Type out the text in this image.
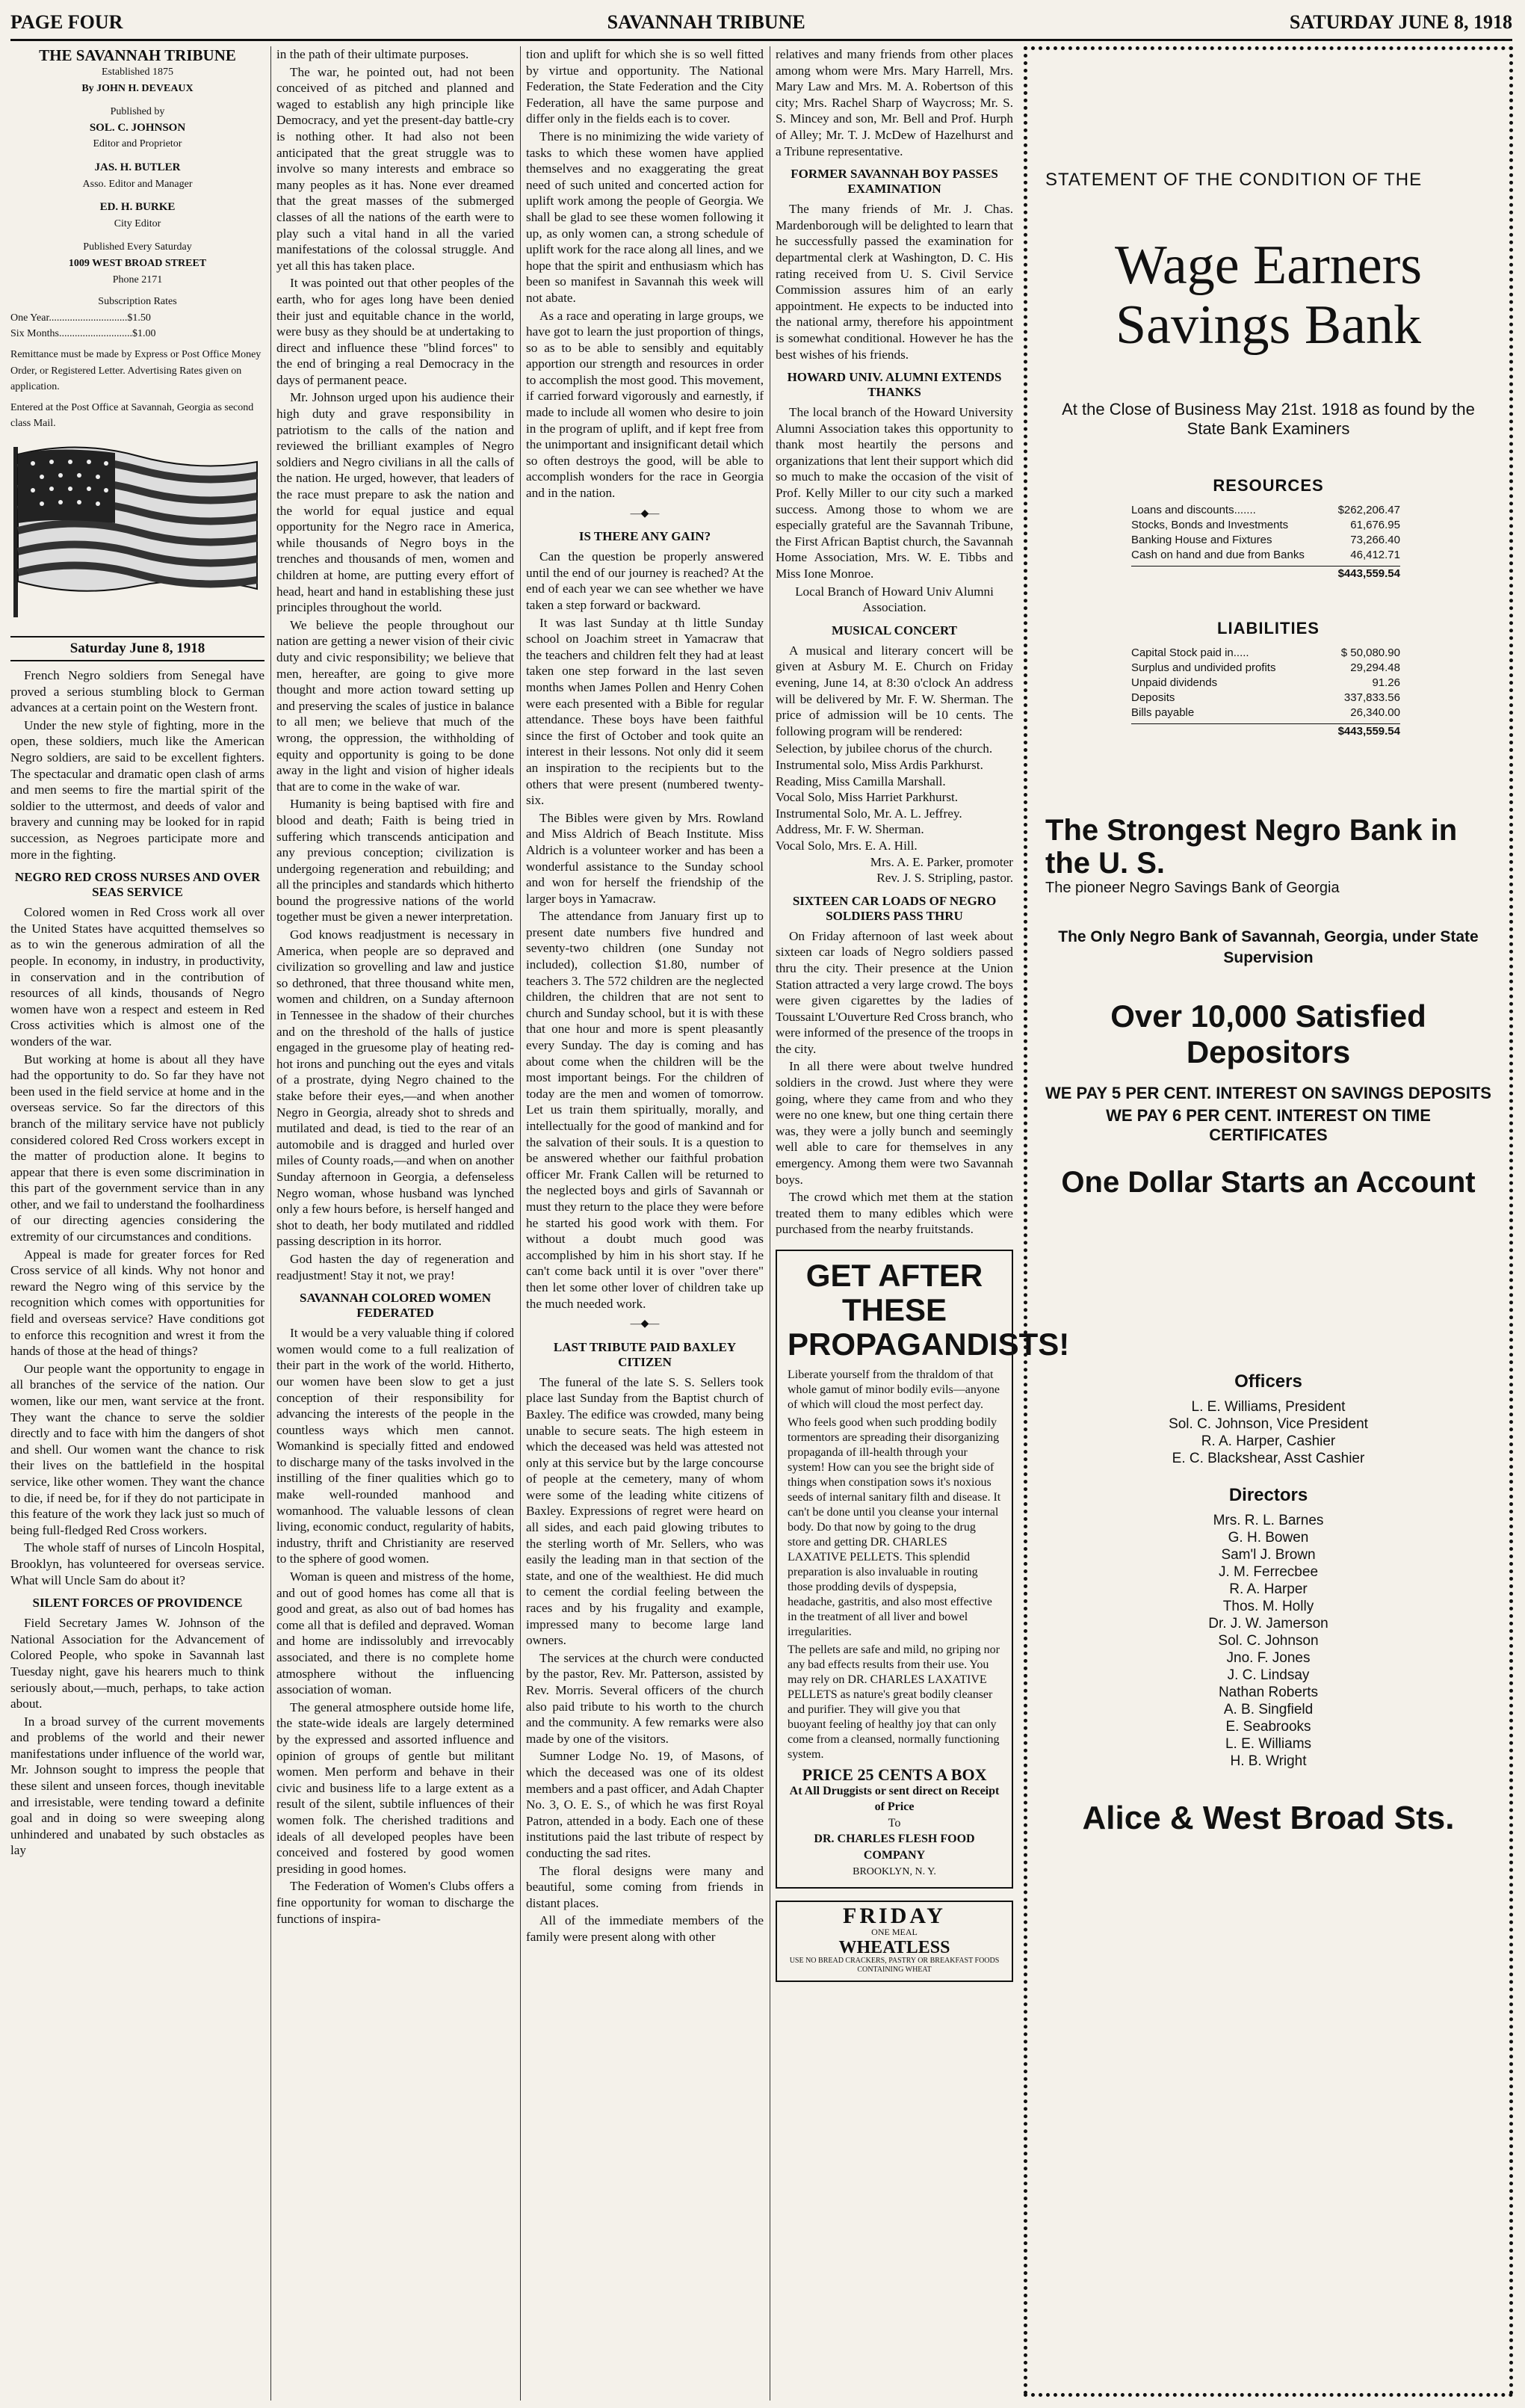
PAGE FOUR	SAVANNAH TRIBUNE	SATURDAY JUNE 8, 1918
THE SAVANNAH TRIBUNE
Established 1875
By JOHN H. DEVEAUX
Published by
SOL. C. JOHNSON
Editor and Proprietor
JAS. H. BUTLER
Asso. Editor and Manager
ED. H. BURKE
City Editor
Published Every Saturday
1009 WEST BROAD STREET
Phone 2171
Subscription Rates
One Year..............................$1.50
Six Months............................$1.00
Remittance must be made by Express or Post Office Money Order, or Registered Letter. Advertising Rates given on application.
Entered at the Post Office at Savannah, Georgia as second class Mail.
Saturday June 8, 1918

French Negro soldiers from Senegal have proved a serious stumbling block to German advances at a certain point on the Western front.

Under the new style of fighting, more in the open, these soldiers, much like the American Negro soldiers, are said to be excellent fighters. The spectacular and dramatic open clash of arms and men seems to fire the martial spirit of the soldier to the uttermost, and deeds of valor and bravery and cunning may be looked for in rapid succession, as Negroes participate more and more in the fighting.

NEGRO RED CROSS NURSES AND OVER SEAS SERVICE

Colored women in Red Cross work all over the United States have acquitted themselves so as to win the generous admiration of all the people. In economy, in industry, in productivity, in conservation and in the contribution of resources of all kinds, thousands of Negro women have won a respect and esteem in Red Cross activities which is almost one of the wonders of the war.

But working at home is about all they have had the opportunity to do. So far they have not been used in the field service at home and in the overseas service. So far the directors of this branch of the military service have not publicly considered colored Red Cross workers except in the matter of production alone. It begins to appear that there is even some discrimination in this part of the government service than in any other, and we fail to understand the foolhardiness of our directing agencies considering the extremity of our circumstances and conditions.

Appeal is made for greater forces for Red Cross service of all kinds. Why not honor and reward the Negro wing of this service by the recognition which comes with opportunities for field and overseas service? Have conditions got to enforce this recognition and wrest it from the hands of those at the head of things?

Our people want the opportunity to engage in all branches of the service of the nation. Our women, like our men, want service at the front. They want the chance to serve the soldier directly and to face with him the dangers of shot and shell. Our women want the chance to risk their lives on the battlefield in the hospital service, like other women. They want the chance to die, if need be, for if they do not participate in this feature of the work they lack just so much of being full-fledged Red Cross workers.

The whole staff of nurses of Lincoln Hospital, Brooklyn, has volunteered for overseas service. What will Uncle Sam do about it?

SILENT FORCES OF PROVIDENCE

Field Secretary James W. Johnson of the National Association for the Advancement of Colored People, who spoke in Savannah last Tuesday night, gave his hearers much to think seriously about,—much, perhaps, to take action about.

In a broad survey of the current movements and problems of the world and their newer manifestations under influence of the world war, Mr. Johnson sought to impress the people that these silent and unseen forces, though inevitable and irresistable, were tending toward a definite goal and in doing so were sweeping along unhindered and unabated by such obstacles as lay

in the path of their ultimate purposes.

The war, he pointed out, had not been conceived of as pitched and planned and waged to establish any high principle like Democracy, and yet the present-day battle-cry is nothing other. It had also not been anticipated that the great struggle was to involve so many interests and embrace so many peoples as it has. None ever dreamed that the great masses of the submerged classes of all the nations of the earth were to play such a vital hand in all the varied manifestations of the colossal struggle. And yet all this has taken place.

It was pointed out that other peoples of the earth, who for ages long have been denied their just and equitable chance in the world, were busy as they should be at undertaking to direct and influence these "blind forces" to the end of bringing a real Democracy in the days of permanent peace.

Mr. Johnson urged upon his audience their high duty and grave responsibility in patriotism to the calls of the nation and reviewed the brilliant examples of Negro soldiers and Negro civilians in all the calls of the nation. He urged, however, that leaders of the race must prepare to ask the nation and the world for equal justice and equal opportunity for the Negro race in America, while thousands of Negro boys in the trenches and thousands of men, women and children at home, are putting every effort of head, heart and hand in establishing these just principles throughout the world.

We believe the people throughout our nation are getting a newer vision of their civic duty and civic responsibility; we believe that men, hereafter, are going to give more thought and more action toward setting up and preserving the scales of justice in balance to all men; we believe that much of the wrong, the oppression, the withholding of equity and opportunity is going to be done away in the light and vision of higher ideals that are to come in the wake of war.

Humanity is being baptised with fire and blood and death; Faith is being tried in suffering which transcends anticipation and any previous conception; civilization is undergoing regeneration and rebuilding; and all the principles and standards which hitherto bound the progressive nations of the world together must be given a newer interpretation.

God knows readjustment is necessary in America, when people are so depraved and civilization so grovelling and law and justice so dethroned, that three thousand white men, women and children, on a Sunday afternoon in Tennessee in the shadow of their churches and on the threshold of the halls of justice engaged in the gruesome play of heating red-hot irons and punching out the eyes and vitals of a prostrate, dying Negro chained to the stake before their eyes,—and when another Negro in Georgia, already shot to shreds and mutilated and dead, is tied to the rear of an automobile and is dragged and hurled over miles of County roads,—and when on another Sunday afternoon in Georgia, a defenseless Negro woman, whose husband was lynched only a few hours before, is herself hanged and shot to death, her body mutilated and riddled passing description in its horror.

God hasten the day of regeneration and readjustment! Stay it not, we pray!

SAVANNAH COLORED WOMEN FEDERATED

It would be a very valuable thing if colored women would come to a full realization of their part in the work of the world. Hitherto, our women have been slow to get a just conception of their responsibility for advancing the interests of the people in the countless ways which men cannot. Womankind is specially fitted and endowed to discharge many of the tasks involved in the instilling of the finer qualities which go to make well-rounded manhood and womanhood. The valuable lessons of clean living, economic conduct, regularity of habits, industry, thrift and Christianity are reserved to the sphere of good women.

Woman is queen and mistress of the home, and out of good homes has come all that is good and great, as also out of bad homes has come all that is defiled and depraved. Woman and home are indissolubly and irrevocably associated, and there is no complete home atmosphere without the influencing association of woman.

The general atmosphere outside home life, the state-wide ideals are largely determined by the expressed and assorted influence and opinion of groups of gentle but militant women. Men perform and behave in their civic and business life to a large extent as a result of the silent, subtile influences of their women folk. The cherished traditions and ideals of all developed peoples have been conceived and fostered by good women presiding in good homes.

The Federation of Women's Clubs offers a fine opportunity for woman to discharge the functions of inspira-

tion and uplift for which she is so well fitted by virtue and opportunity. The National Federation, the State Federation and the City Federation, all have the same purpose and differ only in the fields each is to cover.

There is no minimizing the wide variety of tasks to which these women have applied themselves and no exaggerating the great need of such united and concerted action for uplift work among the people of Georgia. We shall be glad to see these women following it up, as only women can, a strong schedule of uplift work for the race along all lines, and we hope that the spirit and enthusiasm which has been so manifest in Savannah this week will not abate.

As a race and operating in large groups, we have got to learn the just proportion of things, so as to be able to sensibly and equitably apportion our strength and resources in order to accomplish the most good. This movement, if carried forward vigorously and earnestly, if made to include all women who desire to join in the program of uplift, and if kept free from the unimportant and insignificant detail which so often destroys the good, will be able to accomplish wonders for the race in Georgia and in the nation.

—◆—
IS THERE ANY GAIN?

Can the question be properly answered until the end of our journey is reached? At the end of each year we can see whether we have taken a step forward or backward.

It was last Sunday at th little Sunday school on Joachim street in Yamacraw that the teachers and children felt they had at least taken one step forward in the last seven months when James Pollen and Henry Cohen were each presented with a Bible for regular attendance. These boys have been faithful since the first of October and took quite an interest in their lessons. Not only did it seem an inspiration to the recipients but to the others that were present (numbered twenty-six.

The Bibles were given by Mrs. Rowland and Miss Aldrich of Beach Institute. Miss Aldrich is a volunteer worker and has been a wonderful assistance to the Sunday school and won for herself the friendship of the larger boys in Yamacraw.

The attendance from January first up to present date numbers five hundred and seventy-two children (one Sunday not included), collection $1.80, number of teachers 3. The 572 children are the neglected children, the children that are not sent to church and Sunday school, but it is with these that one hour and more is spent pleasantly every Sunday. The day is coming and has about come when the children will be the most important beings. For the children of today are the men and women of tomorrow. Let us train them spiritually, morally, and intellectually for the good of mankind and for the salvation of their souls. It is a question to be answered whether our faithful probation officer Mr. Frank Callen will be returned to the neglected boys and girls of Savannah or must they return to the place they were before he started his good work with them. For without a doubt much good was accomplished by him in his short stay. If he can't come back until it is over "over there" then let some other lover of children take up the much needed work.

—◆—
LAST TRIBUTE PAID BAXLEY CITIZEN

The funeral of the late S. S. Sellers took place last Sunday from the Baptist church of Baxley. The edifice was crowded, many being unable to secure seats. The high esteem in which the deceased was held was attested not only at this service but by the large concourse of people at the cemetery, many of whom were some of the leading white citizens of Baxley. Expressions of regret were heard on all sides, and each paid glowing tributes to the sterling worth of Mr. Sellers, who was easily the leading man in that section of the state, and one of the wealthiest. He did much to cement the cordial feeling between the races and by his frugality and example, impressed many to become large land owners.

The services at the church were conducted by the pastor, Rev. Mr. Patterson, assisted by Rev. Morris. Several officers of the church also paid tribute to his worth to the church and the community. A few remarks were also made by one of the visitors.

Sumner Lodge No. 19, of Masons, of which the deceased was one of its oldest members and a past officer, and Adah Chapter No. 3, O. E. S., of which he was first Royal Patron, attended in a body. Each one of these institutions paid the last tribute of respect by conducting the sad rites.

The floral designs were many and beautiful, some coming from friends in distant places.

All of the immediate members of the family were present along with other

relatives and many friends from other places among whom were Mrs. Mary Harrell, Mrs. Mary Law and Mrs. M. A. Robertson of this city; Mrs. Rachel Sharp of Waycross; Mr. S. S. Mincey and son, Mr. Bell and Prof. Hurph of Alley; Mr. T. J. McDew of Hazelhurst and a Tribune representative.

FORMER SAVANNAH BOY PASSES EXAMINATION

The many friends of Mr. J. Chas. Mardenborough will be delighted to learn that he successfully passed the examination for departmental clerk at Washington, D. C. His rating received from U. S. Civil Service Commission assures him of an early appointment. He expects to be inducted into the national army, therefore his appointment is somewhat conditional. However he has the best wishes of his friends.

HOWARD UNIV. ALUMNI EXTENDS THANKS

The local branch of the Howard University Alumni Association takes this opportunity to thank most heartily the persons and organizations that lent their support which did so much to make the occasion of the visit of Prof. Kelly Miller to our city such a marked success. Among those to whom we are especially grateful are the Savannah Tribune, the First African Baptist church, the Savannah Home Association, Mrs. W. E. Tibbs and Miss Ione Monroe.

Local Branch of Howard Univ Alumni Association.

MUSICAL CONCERT

A musical and literary concert will be given at Asbury M. E. Church on Friday evening, June 14, at 8:30 o'clock An address will be delivered by Mr. F. W. Sherman. The price of admission will be 10 cents. The following program will be rendered:

Selection, by jubilee chorus of the church.
Instrumental solo, Miss Ardis Parkhurst.
Reading, Miss Camilla Marshall.
Vocal Solo, Miss Harriet Parkhurst.
Instrumental Solo, Mr. A. L. Jeffrey.
Address, Mr. F. W. Sherman.
Vocal Solo, Mrs. E. A. Hill.
Mrs. A. E. Parker, promoter
Rev. J. S. Stripling, pastor.
SIXTEEN CAR LOADS OF NEGRO SOLDIERS PASS THRU

On Friday afternoon of last week about sixteen car loads of Negro soldiers passed thru the city. Their presence at the Union Station attracted a very large crowd. The boys were given cigarettes by the ladies of Toussaint L'Ouverture Red Cross branch, who were informed of the presence of the troops in the city.

In all there were about twelve hundred soldiers in the crowd. Just where they were going, where they came from and who they were no one knew, but one thing certain there was, they were a jolly bunch and seemingly well able to care for themselves in any emergency. Among them were two Savannah boys.

The crowd which met them at the station treated them to many edibles which were purchased from the nearby fruitstands.

GET AFTER THESE
PROPAGANDISTS!
Liberate yourself from the thraldom of that whole gamut of minor bodily evils—anyone of which will cloud the most perfect day.
Who feels good when such prodding bodily tormentors are spreading their disorganizing propaganda of ill-health through your system! How can you see the bright side of things when constipation sows it's noxious seeds of internal sanitary filth and disease. It can't be done until you cleanse your internal body. Do that now by going to the drug store and getting DR. CHARLES LAXATIVE PELLETS. This splendid preparation is also invaluable in routing those prodding devils of dyspepsia, headache, gastritis, and also most effective in the treatment of all liver and bowel irregularities.
The pellets are safe and mild, no griping nor any bad effects results from their use. You may rely on DR. CHARLES LAXATIVE PELLETS as nature's great bodily cleanser and purifier. They will give you that buoyant feeling of healthy joy that can only come from a cleansed, normally functioning system.
PRICE 25 CENTS A BOX
At All Druggists or sent direct on Receipt of Price
To
DR. CHARLES FLESH FOOD COMPANY
BROOKLYN, N. Y.
FRIDAY
ONE MEAL
WHEATLESS
USE NO BREAD CRACKERS, PASTRY OR BREAKFAST FOODS CONTAINING WHEAT
STATEMENT OF THE CONDITION OF THE
Wage Earners
Savings Bank
At the Close of Business May 21st. 1918 as found by the State Bank Examiners
RESOURCES
Loans and discounts.......	$262,206.47
Stocks, Bonds and Investments	61,676.95
Banking House and Fixtures	73,266.40
Cash on hand and due from Banks	46,412.71
$443,559.54
LIABILITIES
Capital Stock paid in.....	$ 50,080.90
Surplus and undivided profits	29,294.48
Unpaid dividends	91.26
Deposits	337,833.56
Bills payable	26,340.00
$443,559.54
The Strongest Negro Bank in the U. S.
The pioneer Negro Savings Bank of Georgia
The Only Negro Bank of Savannah, Georgia, under State Supervision
Over 10,000 Satisfied Depositors
WE PAY 5 PER CENT. INTEREST ON SAVINGS DEPOSITS
WE PAY 6 PER CENT. INTEREST ON TIME CERTIFICATES
One Dollar Starts an Account
Officers
L. E. Williams, President
Sol. C. Johnson, Vice President
R. A. Harper, Cashier
E. C. Blackshear, Asst Cashier
Directors
Mrs. R. L. Barnes
G. H. Bowen
Sam'l J. Brown
J. M. Ferrecbee
R. A. Harper
Thos. M. Holly
Dr. J. W. Jamerson
Sol. C. Johnson
Jno. F. Jones
J. C. Lindsay
Nathan Roberts
A. B. Singfield
E. Seabrooks
L. E. Williams
H. B. Wright
Alice & West Broad Sts.
